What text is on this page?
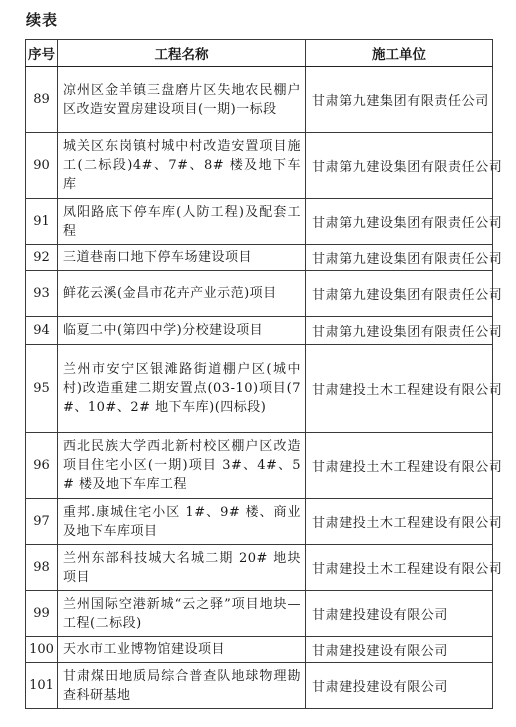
续表
序号	工程名称	施工单位
89	凉州区金羊镇三盘磨片区失地农民棚户区改造安置房建设项目(一期)一标段	甘肃第九建集团有限责任公司
90	城关区东岗镇村城中村改造安置项目施工(二标段)4#、7#、8# 楼及地下车库	甘肃第九建设集团有限责任公司
91	凤阳路底下停车库(人防工程)及配套工程	甘肃第九建设集团有限责任公司
92	三道巷南口地下停车场建设项目	甘肃第九建设集团有限责任公司
93	鲜花云溪(金昌市花卉产业示范)项目	甘肃第九建设集团有限责任公司
94	临夏二中(第四中学)分校建设项目	甘肃第九建设集团有限责任公司
95	兰州市安宁区银滩路街道棚户区(城中村)改造重建二期安置点(03-10)项目(7#、10#、2# 地下车库)(四标段)	甘肃建投土木工程建设有限公司
96	西北民族大学西北新村校区棚户区改造项目住宅小区(一期)项目 3#、4#、5# 楼及地下车库工程	甘肃建投土木工程建设有限公司
97	重邦.康城住宅小区 1#、9# 楼、商业及地下车库项目	甘肃建投土木工程建设有限公司
98	兰州东部科技城大名城二期 20# 地块项目	甘肃建投土木工程建设有限公司
99	兰州国际空港新城“云之驿”项目地块—工程(二标段)	甘肃建投建设有限公司
100	天水市工业博物馆建设项目	甘肃建投建设有限公司
101	甘肃煤田地质局综合普查队地球物理勘查科研基地	甘肃建投建设有限公司
